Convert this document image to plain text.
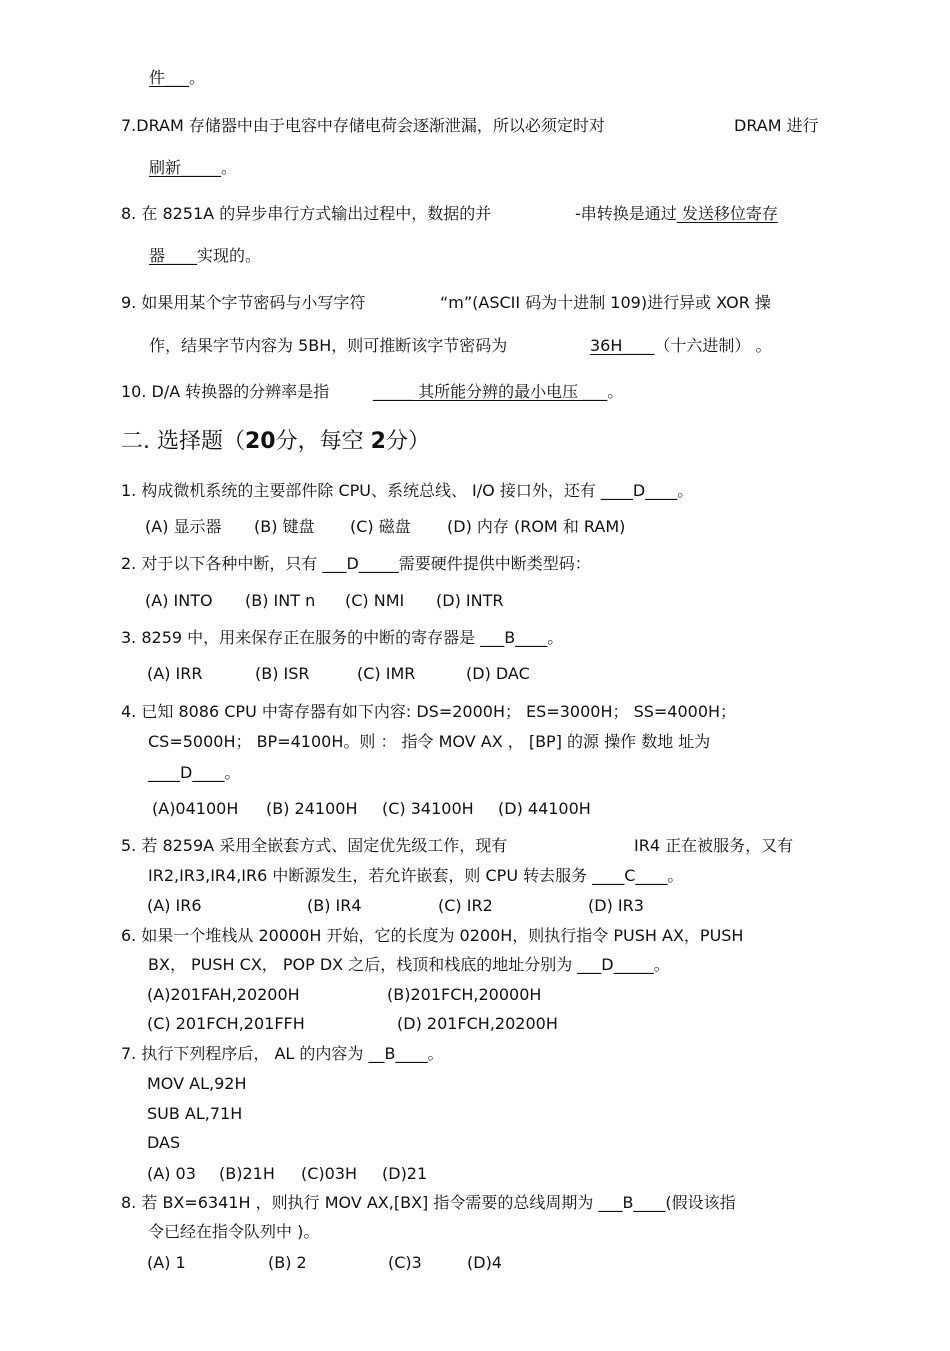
件___。
7.DRAM 存储器中由于电容中存储电荷会逐渐泄漏，所以必须定时对	DRAM 进行
刷新_____。
8. 在 8251A 的异步串行方式输出过程中，数据的并	-串转换是通过 发送移位寄存
器____实现的。
9. 如果用某个字节密码与小写字符	“m”(ASCII 码为十进制 109)进行异或 XOR 操
作，结果字节内容为 5BH，则可推断该字节密码为	36H____（十六进制） 。
10. D/A 转换器的分辨率是指	_____ 其所能分辨的最小电压 ___。
二. 选择题（20分，每空 2分）
1. 构成微机系统的主要部件除 CPU、系统总线、 I/O 接口外，还有 ____D____。
(A) 显示器 (B) 键盘 (C) 磁盘 (D) 内存 (ROM 和 RAM)
2. 对于以下各种中断，只有 ___D_____需要硬件提供中断类型码：
(A) INTO (B) INT n (C) NMI (D) INTR
3. 8259 中，用来保存正在服务的中断的寄存器是 ___B____。
(A) IRR	(B) ISR	(C) IMR	(D) DAC
4. 已知 8086 CPU 中寄存器有如下内容: DS=2000H； ES=3000H； SS=4000H；
CS=5000H； BP=4100H。则 ： 指令 MOV AX ， [BP] 的源 操作 数地 址为
____D____。
(A)04100H (B) 24100H (C) 34100H (D) 44100H
5. 若 8259A 采用全嵌套方式、固定优先级工作，现有	IR4 正在被服务，又有
IR2,IR3,IR4,IR6 中断源发生，若允许嵌套，则 CPU 转去服务 ____C____。
(A) IR6	(B) IR4	(C) IR2	(D) IR3
6. 如果一个堆栈从 20000H 开始，它的长度为 0200H，则执行指令 PUSH AX，PUSH
BX， PUSH CX， POP DX 之后，栈顶和栈底的地址分别为 ___D_____。
(A)201FAH,20200H	(B)201FCH,20000H
(C) 201FCH,201FFH	(D) 201FCH,20200H
7. 执行下列程序后， AL 的内容为 __B____。
MOV AL,92H
SUB AL,71H
DAS
(A) 03 (B)21H (C)03H (D)21
8. 若 BX=6341H ，则执行 MOV AX,[BX] 指令需要的总线周期为 ___B____(假设该指
令已经在指令队列中 )。
(A) 1	(B) 2	(C)3	(D)4
